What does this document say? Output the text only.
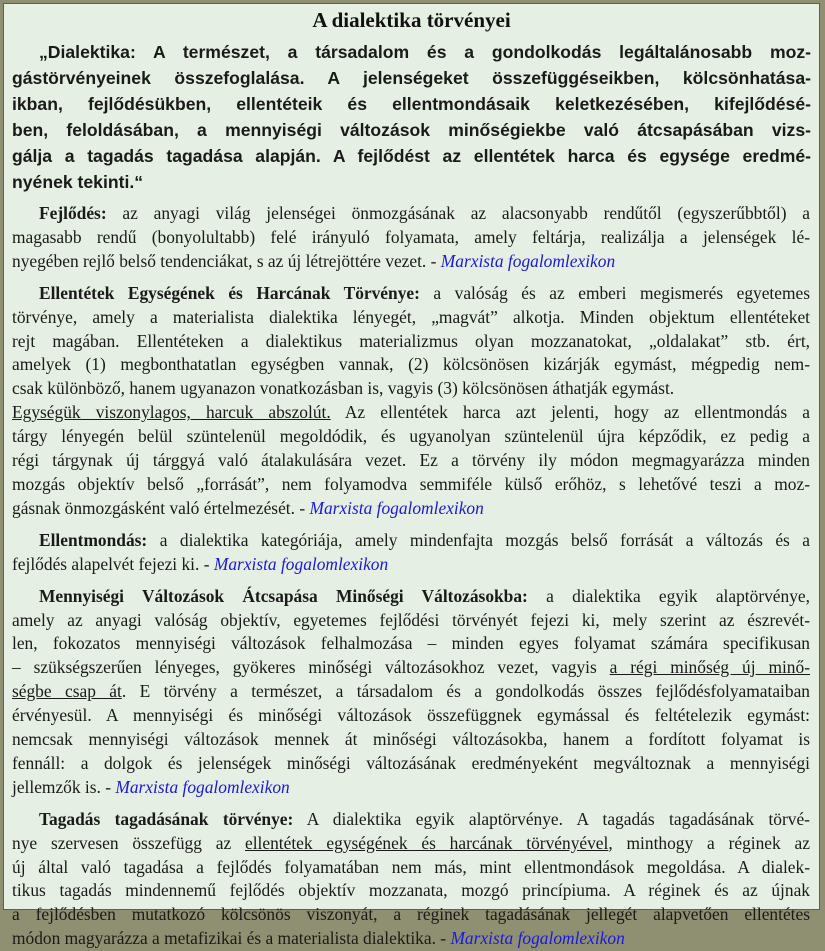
A dialektika törvényei
„Dialektika: A természet, a társadalom és a gondolkodás legáltalánosabb moz-
gástörvényeinek összefoglalása. A jelenségeket összefüggéseikben, kölcsönhatása-
ikban, fejlődésükben, ellentéteik és ellentmondásaik keletkezésében, kifejlődésé-
ben, feloldásában, a mennyiségi változások minőségiekbe való átcsapásában vizs-
gálja a tagadás tagadása alapján. A fejlődést az ellentétek harca és egysége eredmé-
nyének tekinti.“
Fejlődés: az anyagi világ jelenségei önmozgásának az alacsonyabb rendűtől (egyszerűbbtől) a
magasabb rendű (bonyolultabb) felé irányuló folyamata, amely feltárja, realizálja a jelenségek lé-
nyegében rejlő belső tendenciákat, s az új létrejöttére vezet. - Marxista fogalomlexikon
Ellentétek Egységének és Harcának Törvénye: a valóság és az emberi megismerés egyetemes
törvénye, amely a materialista dialektika lényegét, „magvát” alkotja. Minden objektum ellentéteket
rejt magában. Ellentéteken a dialektikus materializmus olyan mozzanatokat, „oldalakat” stb. ért,
amelyek (1) megbonthatatlan egységben vannak, (2) kölcsönösen kizárják egymást, mégpedig nem-
csak különböző, hanem ugyanazon vonatkozásban is, vagyis (3) kölcsönösen áthatják egymást.
Egységük viszonylagos, harcuk abszolút. Az ellentétek harca azt jelenti, hogy az ellentmondás a
tárgy lényegén belül szüntelenül megoldódik, és ugyanolyan szüntelenül újra képződik, ez pedig a
régi tárgynak új tárggyá való átalakulására vezet. Ez a törvény ily módon megmagyarázza minden
mozgás objektív belső „forrását”, nem folyamodva semmiféle külső erőhöz, s lehetővé teszi a moz-
gásnak önmozgásként való értelmezését. - Marxista fogalomlexikon
Ellentmondás: a dialektika kategóriája, amely mindenfajta mozgás belső forrását a változás és a
fejlődés alapelvét fejezi ki. - Marxista fogalomlexikon
Mennyiségi Változások Átcsapása Minőségi Változásokba: a dialektika egyik alaptörvénye,
amely az anyagi valóság objektív, egyetemes fejlődési törvényét fejezi ki, mely szerint az észrevét-
len, fokozatos mennyiségi változások felhalmozása – minden egyes folyamat számára specifikusan
– szükségszerűen lényeges, gyökeres minőségi változásokhoz vezet, vagyis a régi minőség új minő-
ségbe csap át. E törvény a természet, a társadalom és a gondolkodás összes fejlődésfolyamataiban
érvényesül. A mennyiségi és minőségi változások összefüggnek egymással és feltételezik egymást:
nemcsak mennyiségi változások mennek át minőségi változásokba, hanem a fordított folyamat is
fennáll: a dolgok és jelenségek minőségi változásának eredményeként megváltoznak a mennyiségi
jellemzők is. - Marxista fogalomlexikon
Tagadás tagadásának törvénye: A dialektika egyik alaptörvénye. A tagadás tagadásának törvé-
nye szervesen összefügg az ellentétek egységének és harcának törvényével, minthogy a réginek az
új által való tagadása a fejlődés folyamatában nem más, mint ellentmondások megoldása. A dialek-
tikus tagadás mindennemű fejlődés objektív mozzanata, mozgó princípiuma. A réginek és az újnak
a fejlődésben mutatkozó kölcsönös viszonyát, a réginek tagadásának jellegét alapvetően ellentétes
módon magyarázza a metafizikai és a materialista dialektika. - Marxista fogalomlexikon
